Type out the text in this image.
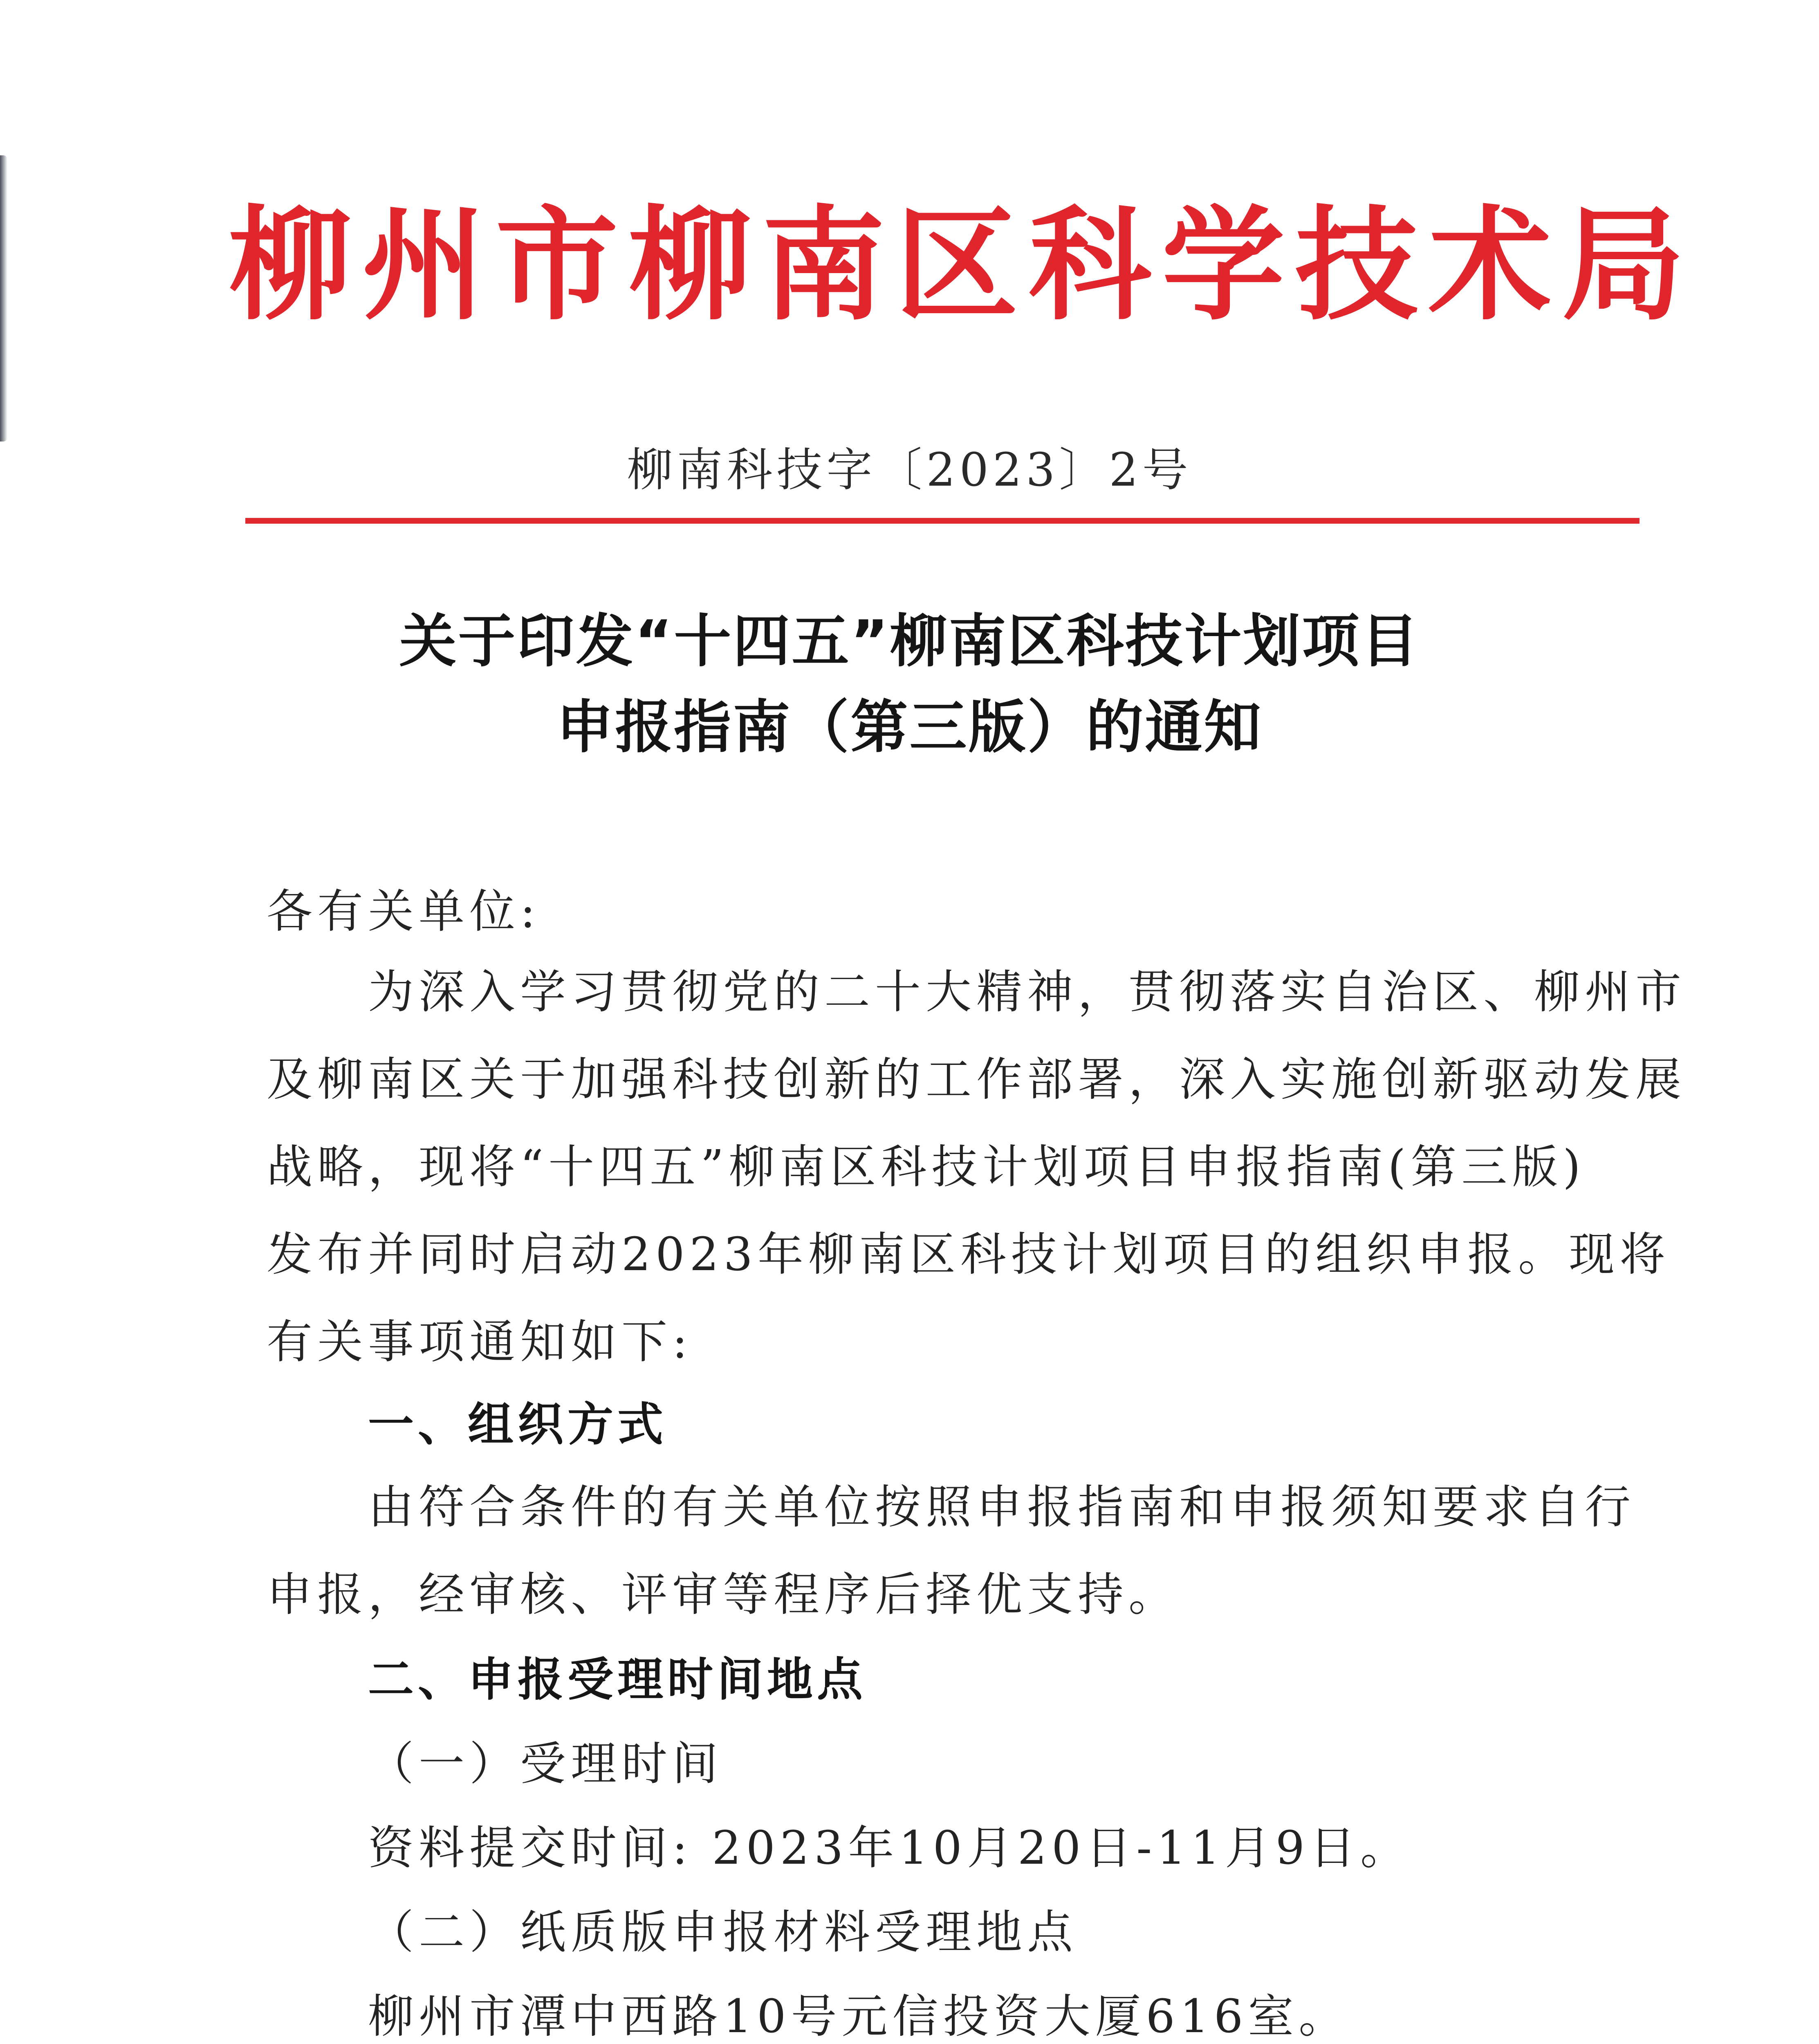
柳州市柳南区科学技术局
柳南科技字〔2023〕2号
关于印发“十四五”柳南区科技计划项目
申报指南（第三版）的通知

各有关单位:

为深入学习贯彻党的二十大精神，贯彻落实自治区、柳州市

及柳南区关于加强科技创新的工作部署，深入实施创新驱动发展

战略，现将“十四五”柳南区科技计划项目申报指南(第三版)

发布并同时启动2023年柳南区科技计划项目的组织申报。现将

有关事项通知如下:

一、组织方式

由符合条件的有关单位按照申报指南和申报须知要求自行

申报，经审核、评审等程序后择优支持。

二、申报受理时间地点

（一）受理时间

资料提交时间: 2023年10月20日-11月9日。

（二）纸质版申报材料受理地点

柳州市潭中西路10号元信投资大厦616室。
